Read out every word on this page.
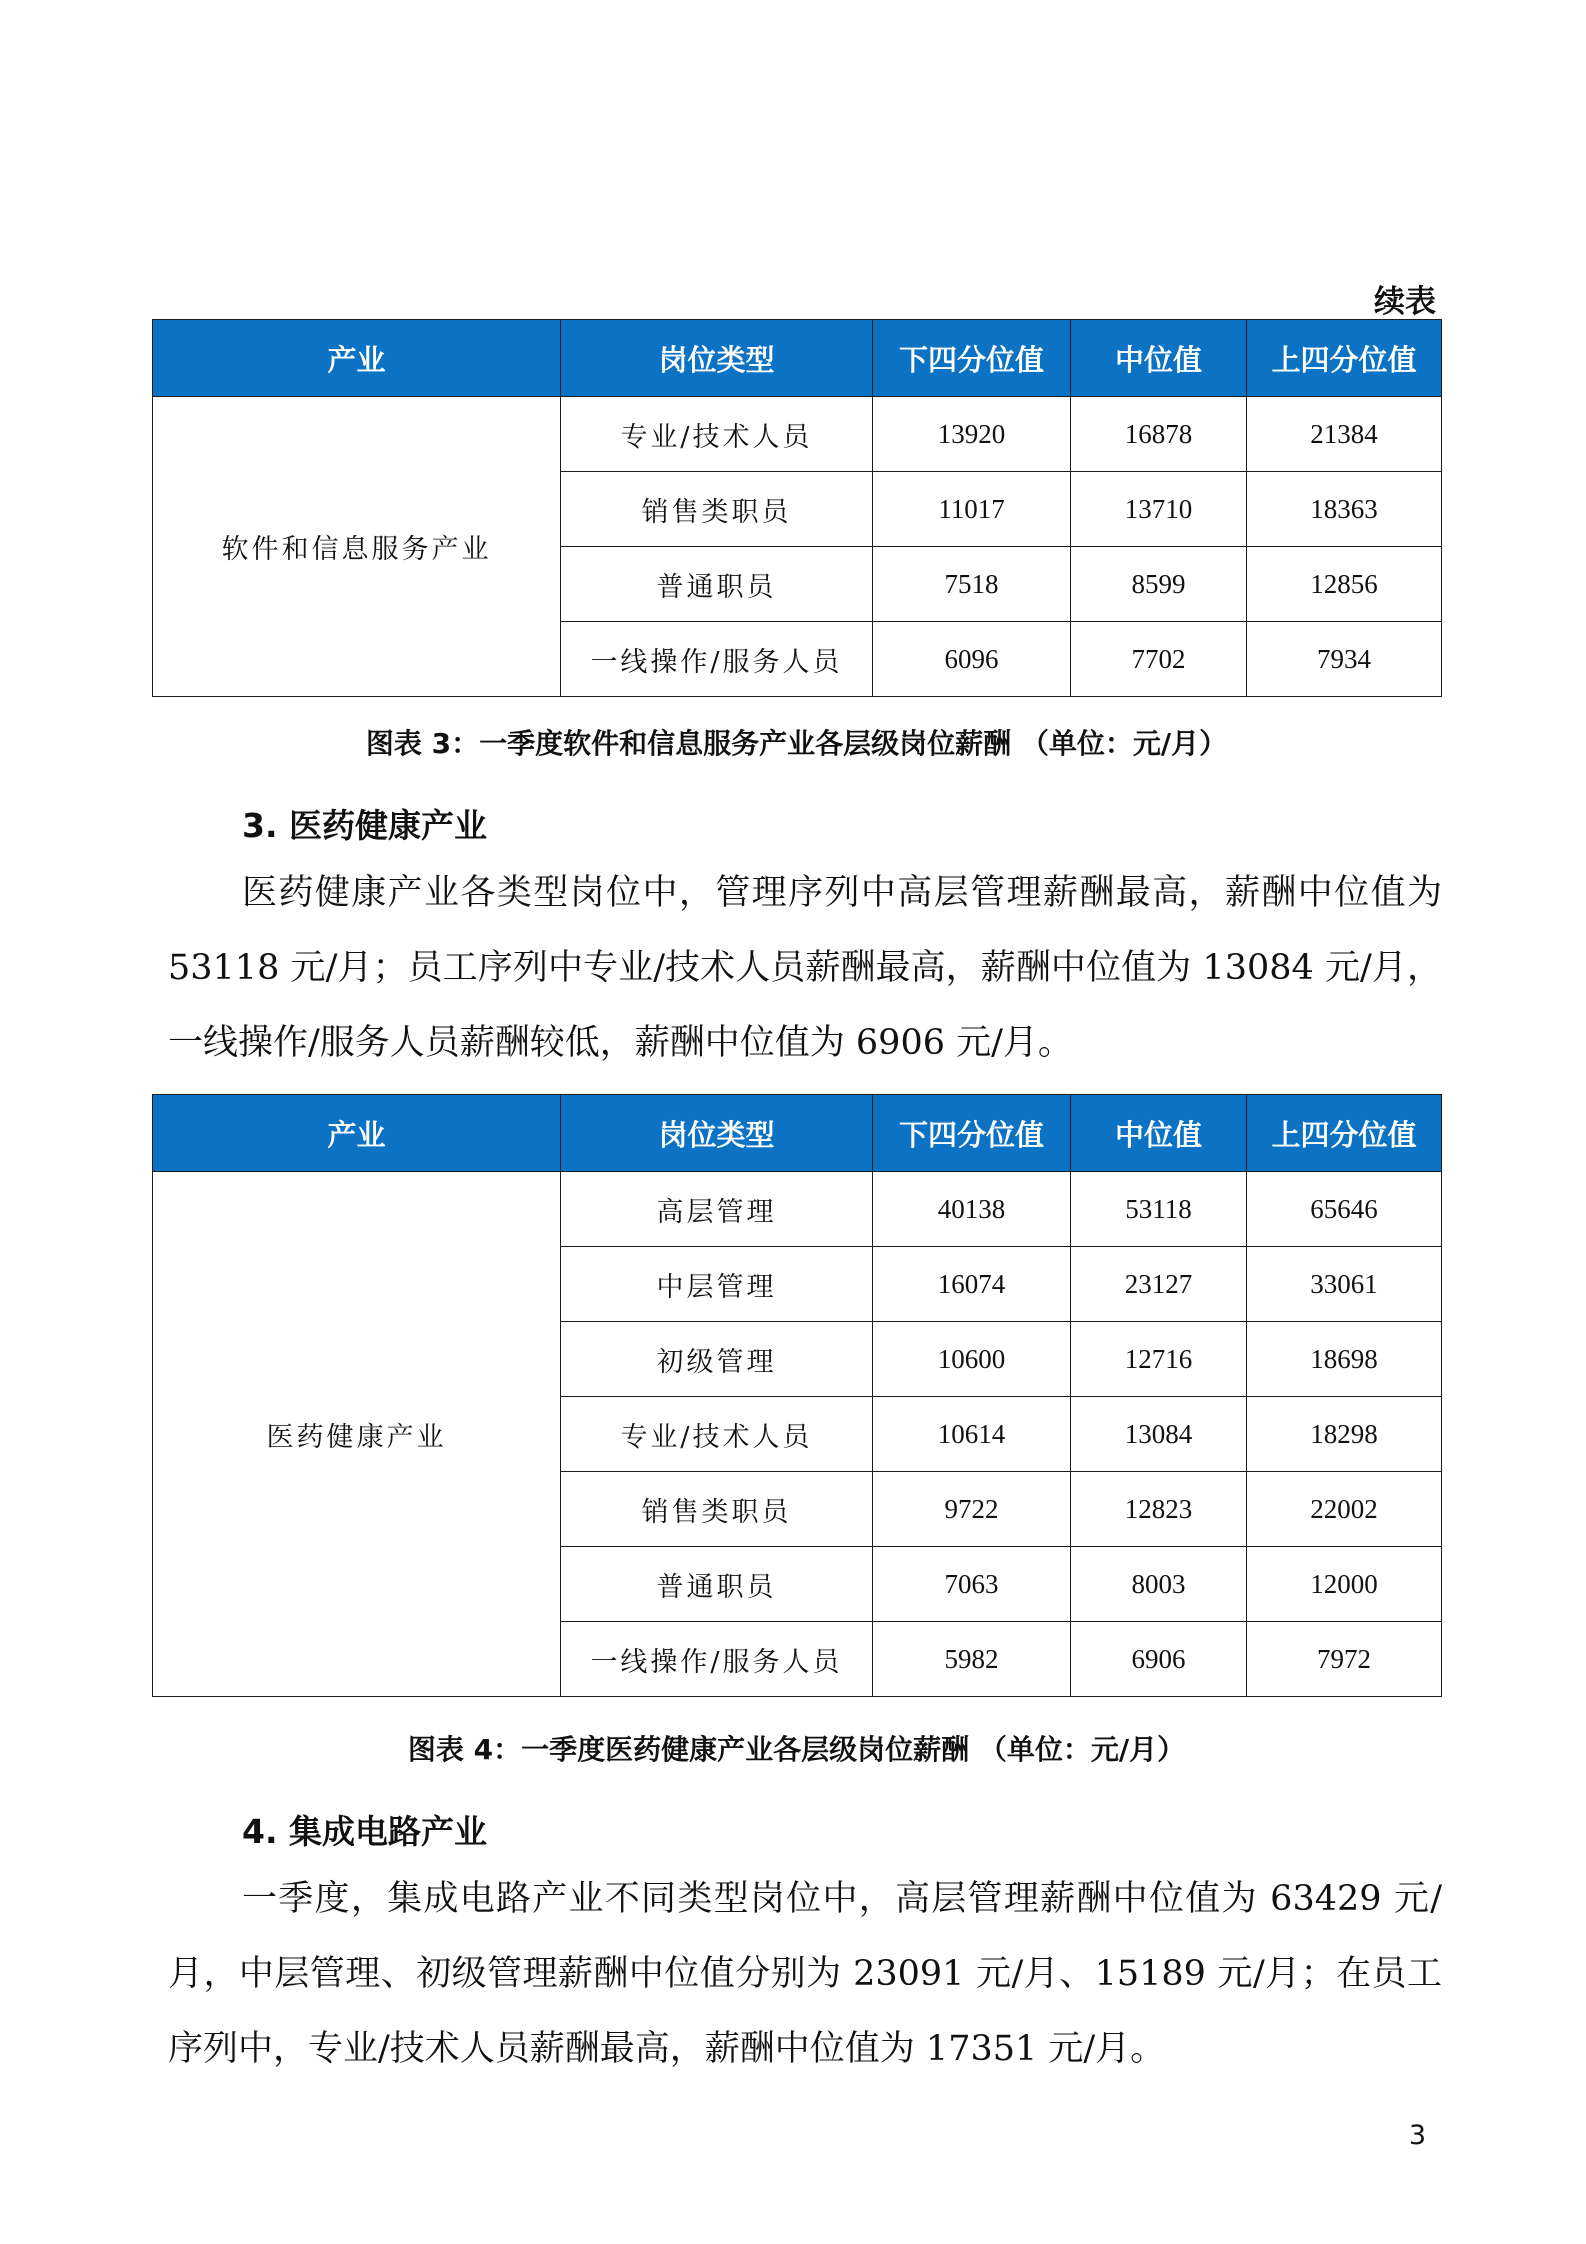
续表
产业	岗位类型	下四分位值	中位值	上四分位值
软件和信息服务产业	专业/技术人员	13920	16878	21384
	销售类职员	11017	13710	18363
	普通职员	7518	8599	12856
	一线操作/服务人员	6096	7702	7934
图表 3：一季度软件和信息服务产业各层级岗位薪酬 （单位：元/月）
3. 医药健康产业
医药健康产业各类型岗位中，管理序列中高层管理薪酬最高，薪酬中位值为 53118 元/月；员工序列中专业/技术人员薪酬最高，薪酬中位值为 13084 元/月，一线操作/服务人员薪酬较低，薪酬中位值为 6906 元/月。
产业	岗位类型	下四分位值	中位值	上四分位值
医药健康产业	高层管理	40138	53118	65646
	中层管理	16074	23127	33061
	初级管理	10600	12716	18698
	专业/技术人员	10614	13084	18298
	销售类职员	9722	12823	22002
	普通职员	7063	8003	12000
	一线操作/服务人员	5982	6906	7972
图表 4：一季度医药健康产业各层级岗位薪酬 （单位：元/月）
4. 集成电路产业
一季度，集成电路产业不同类型岗位中，高层管理薪酬中位值为 63429 元/月，中层管理、初级管理薪酬中位值分别为 23091 元/月、15189 元/月；在员工序列中，专业/技术人员薪酬最高，薪酬中位值为 17351 元/月。
3
